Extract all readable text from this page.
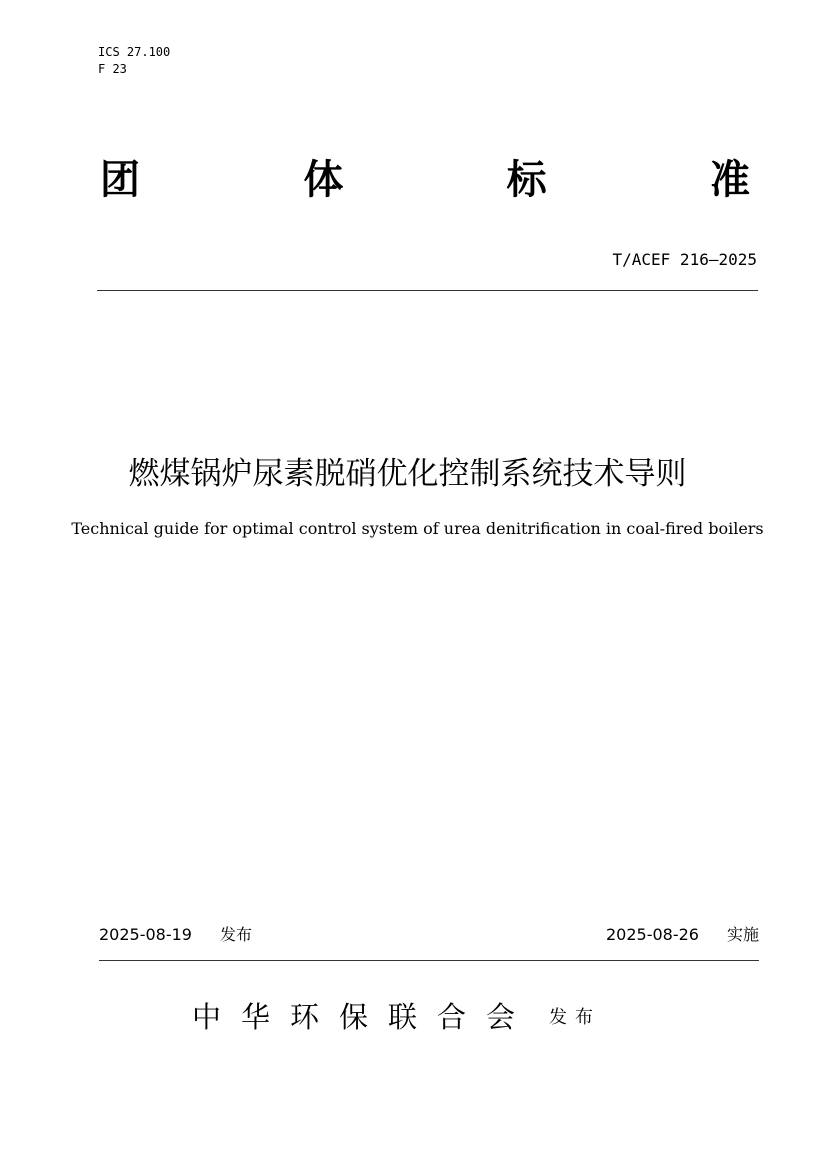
ICS 27.100
F 23
团	体	标	准
T/ACEF 216—2025
燃煤锅炉尿素脱硝优化控制系统技术导则
Technical guide for optimal control system of urea denitrification in coal-fired boilers
2025-08-19 发布	2025-08-26 实施
中华环保联合会 发布
